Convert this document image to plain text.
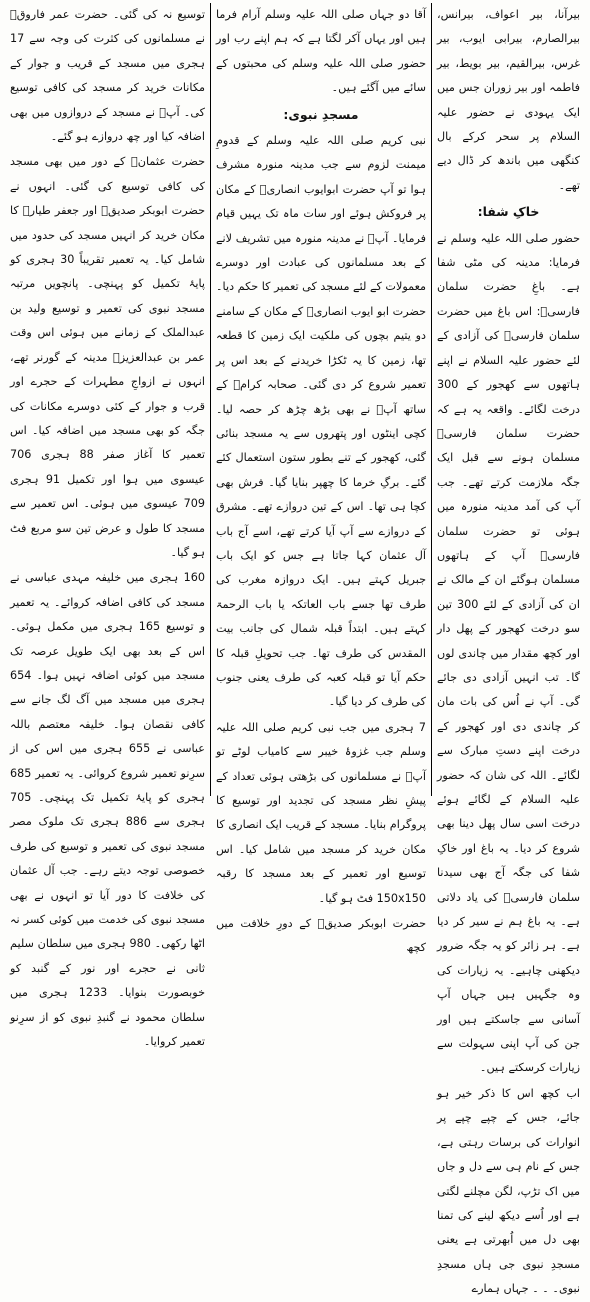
بیرآنا، بیر اعواف، بیرانس، بیرالصارم، بیرابی ایوب، بیر غرس، بیرالقیم، بیر بویط، بیر فاطمہ اور بیر زوران جس میں ایک یہودی نے حضور علیہ السلام پر سحر کرکے بال کنگھی میں باندھ کر ڈال دیے تھے۔

خاکِ شفا:

حضور صلی اللہ علیہ وسلم نے فرمایا: مدینہ کی مٹی شفا ہے۔ باغِ حضرت سلمان فارسیؓ: اس باغ میں حضرت سلمان فارسیؓ کی آزادی کے لئے حضور علیہ السلام نے اپنے ہاتھوں سے کھجور کے 300 درخت لگائے۔ واقعہ یہ ہے کہ حضرت سلمان فارسیؓ مسلمان ہونے سے قبل ایک جگہ ملازمت کرتے تھے۔ جب آپ کی آمد مدینہ منورہ میں ہوئی تو حضرت سلمان فارسیؓ آپ کے ہاتھوں مسلمان ہوگئے ان کے مالک نے ان کی آزادی کے لئے 300 تین سو درخت کھجور کے پھل دار اور کچھ مقدار میں چاندی لوں گا۔ تب انہیں آزادی دی جائے گی۔ آپ نے اُس کی بات مان کر چاندی دی اور کھجور کے درخت اپنے دستِ مبارک سے لگائے۔ اللہ کی شان کہ حضور علیہ السلام کے لگائے ہوئے درخت اسی سال پھل دینا بھی شروع کر دیا۔ یہ باغ اور خاکِ شفا کی جگہ آج بھی سیدنا سلمان فارسیؓ کی یاد دلاتی ہے۔ یہ باغ ہم نے سیر کر دیا ہے۔ ہر زائر کو یہ جگہ ضرور دیکھنی چاہیے۔ یہ زیارات کی وہ جگہیں ہیں جہاں آپ آسانی سے جاسکتے ہیں اور جن کی آپ اپنی سہولت سے زیارات کرسکتے ہیں۔

اب کچھ اس کا ذکر خیر ہو جائے، جس کے چپے چپے پر انوارات کی برسات رہتی ہے، جس کے نام ہی سے دل و جاں میں اک تڑپ، لگن مچلنے لگتی ہے اور اُسے دیکھ لینے کی تمنا بھی دل میں اُبھرتی ہے یعنی مسجدِ نبوی جی ہاں مسجدِ نبوی۔ ۔ ۔ جہاں ہمارے

آقا دو جہاں صلی اللہ علیہ وسلم آرام فرما ہیں اور یہاں آکر لگتا ہے کہ ہم اپنے رب اور حضور صلی اللہ علیہ وسلم کی محبتوں کے سائے میں آگئے ہیں۔

مسجدِ نبوی:

نبی کریم صلی اللہ علیہ وسلم کے قدومِ میمنت لزوم سے جب مدینہ منورہ مشرف ہوا تو آپ حضرت ابوایوب انصاریؓ کے مکان پر فروکش ہوئے اور سات ماہ تک یہیں قیام فرمایا۔ آپؐ نے مدینہ منورہ میں تشریف لانے کے بعد مسلمانوں کی عبادت اور دوسرے معمولات کے لئے مسجد کی تعمیر کا حکم دیا۔ حضرت ابو ایوب انصاریؓ کے مکان کے سامنے دو یتیم بچوں کی ملکیت ایک زمین کا قطعہ تھا، زمین کا یہ ٹکڑا خریدنے کے بعد اس پر تعمیر شروع کر دی گئی۔ صحابہ کرامؓ کے ساتھ آپؐ نے بھی بڑھ چڑھ کر حصہ لیا۔ کچی اینٹوں اور پتھروں سے یہ مسجد بنائی گئی، کھجور کے تنے بطور ستون استعمال کئے گئے۔ برگِ خرما کا چھپر بنایا گیا۔ فرش بھی کچا ہی تھا۔ اس کے تین دروازے تھے۔ مشرق کے دروازے سے آپ آیا کرتے تھے، اسے آج باب آل عثمان کہا جاتا ہے جس کو ایک باب جبریل کہتے ہیں۔ ایک دروازہ مغرب کی طرف تھا جسے باب العاتکہ یا باب الرحمۃ کہتے ہیں۔ ابتداً قبلہ شمال کی جانب بیت المقدس کی طرف تھا۔ جب تحویلِ قبلہ کا حکم آیا تو قبلہ کعبہ کی طرف یعنی جنوب کی طرف کر دیا گیا۔

7 ہجری میں جب نبی کریم صلی اللہ علیہ وسلم جب غزوۂ خیبر سے کامیاب لوٹے تو آپؐ نے مسلمانوں کی بڑھتی ہوئی تعداد کے پیشِ نظر مسجد کی تجدید اور توسیع کا پروگرام بنایا۔ مسجد کے قریب ایک انصاری کا مکان خرید کر مسجد میں شامل کیا۔ اس توسیع اور تعمیر کے بعد مسجد کا رقبہ 150x150 فٹ ہو گیا۔

حضرت ابوبکر صدیقؓ کے دورِ خلافت میں کچھ

توسیع نہ کی گئی۔ حضرت عمر فاروقؓ نے مسلمانوں کی کثرت کی وجہ سے 17 ہجری میں مسجد کے قریب و جوار کے مکانات خرید کر مسجد کی کافی توسیع کی۔ آپؓ نے مسجد کے دروازوں میں بھی اضافہ کیا اور چھ دروازے ہو گئے۔

حضرت عثمانؓ کے دور میں بھی مسجد کی کافی توسیع کی گئی۔ انہوں نے حضرت ابوبکر صدیقؓ اور جعفر طیارؓ کا مکان خرید کر انہیں مسجد کی حدود میں شامل کیا۔ یہ تعمیر تقریباً 30 ہجری کو پایۂ تکمیل کو پہنچی۔ پانچویں مرتبہ مسجد نبوی کی تعمیر و توسیع ولید بن عبدالملک کے زمانے میں ہوئی اس وقت عمر بن عبدالعزیزؒ مدینہ کے گورنر تھے، انہوں نے ازواجِ مطہرات کے حجرے اور قرب و جوار کے کئی دوسرے مکانات کی جگہ کو بھی مسجد میں اضافہ کیا۔ اس تعمیر کا آغاز صفر 88 ہجری 706 عیسوی میں ہوا اور تکمیل 91 ہجری 709 عیسوی میں ہوئی۔ اس تعمیر سے مسجد کا طول و عرض تین سو مربع فٹ ہو گیا۔

160 ہجری میں خلیفہ مہدی عباسی نے مسجد کی کافی اضافہ کروائے۔ یہ تعمیر و توسیع 165 ہجری میں مکمل ہوئی۔ اس کے بعد بھی ایک طویل عرصہ تک مسجد میں کوئی اضافہ نہیں ہوا۔ 654 ہجری میں مسجد میں آگ لگ جانے سے کافی نقصان ہوا۔ خلیفہ معتصم باللہ عباسی نے 655 ہجری میں اس کی از سرِنو تعمیر شروع کروائی۔ یہ تعمیر 685 ہجری کو پایۂ تکمیل تک پہنچی۔ 705 ہجری سے 886 ہجری تک ملوک مصر مسجد نبوی کی تعمیر و توسیع کی طرف خصوصی توجہ دیتے رہے۔ جب آل عثمان کی خلافت کا دور آیا تو انہوں نے بھی مسجد نبوی کی خدمت میں کوئی کسر نہ اٹھا رکھی۔ 980 ہجری میں سلطان سلیم ثانی نے حجرے اور نور کے گنبد کو خوبصورت بنوایا۔ 1233 ہجری میں سلطان محمود نے گنبدِ نبوی کو از سرِنو تعمیر کروایا۔
